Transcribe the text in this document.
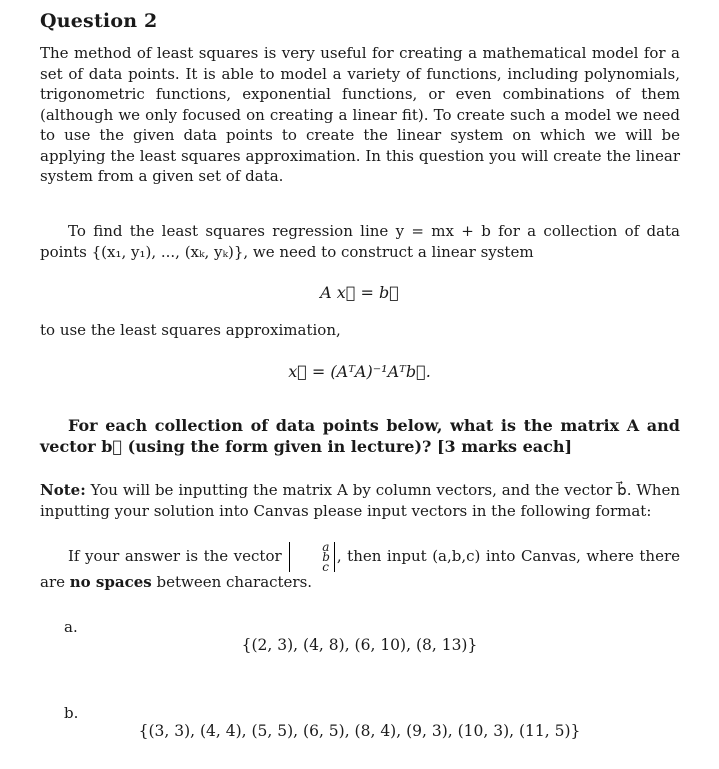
Question 2
The method of least squares is very useful for creating a mathematical model for a set of data points. It is able to model a variety of functions, including polynomials, trigonometric functions, exponential functions, or even combinations of them (although we only focused on creating a linear fit). To create such a model we need to use the given data points to create the linear system on which we will be applying the least squares approximation. In this question you will create the linear system from a given set of data.
To find the least squares regression line y = mx + b for a collection of data points {(x₁, y₁), ..., (xₖ, yₖ)}, we need to construct a linear system
A x⃗ = b⃗
to use the least squares approximation,
x⃗ = (AᵀA)⁻¹Aᵀb⃗.
For each collection of data points below, what is the matrix A and vector b⃗ (using the form given in lecture)? [3 marks each]
Note: You will be inputting the matrix A by column vectors, and the vector b⃗. When inputting your solution into Canvas please input vectors in the following format:
If your answer is the vector	a
b
c
, then input (a,b,c) into Canvas, where there are no spaces between characters.
a.
{(2, 3), (4, 8), (6, 10), (8, 13)}
b.
{(3, 3), (4, 4), (5, 5), (6, 5), (8, 4), (9, 3), (10, 3), (11, 5)}
